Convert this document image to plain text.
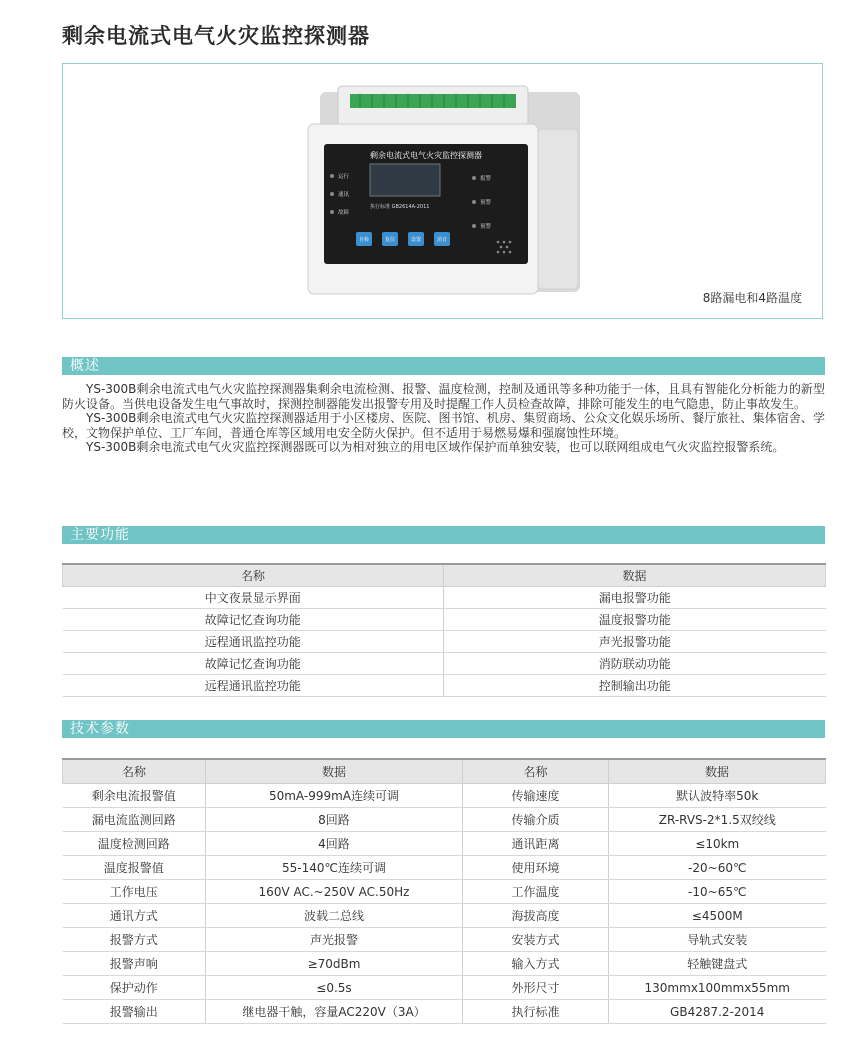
剩余电流式电气火灾监控探测器
剩余电流式电气火灾监控探测器
运行
通讯
故障
报警
预警
预警
执行标准 GB2614A-2011
自检	复位	设置	消音
8路漏电和4路温度
概述

YS-300B剩余电流式电气火灾监控探测器集剩余电流检测、报警、温度检测，控制及通讯等多种功能于一体，且具有智能化分析能力的新型防火设备。当供电设备发生电气事故时，探测控制器能发出报警专用及时提醒工作人员检查故障，排除可能发生的电气隐患，防止事故发生。

YS-300B剩余电流式电气火灾监控探测器适用于小区楼房、医院、图书馆、机房、集贸商场、公众文化娱乐场所、餐厅旅社、集体宿舍、学校，文物保护单位、工厂车间，普通仓库等区域用电安全防火保护。但不适用于易燃易爆和强腐蚀性环境。

YS-300B剩余电流式电气火灾监控探测器既可以为相对独立的用电区域作保护而单独安装，也可以联网组成电气火灾监控报警系统。

主要功能
名称	数据
中文夜景显示界面	漏电报警功能
故障记忆查询功能	温度报警功能
远程通讯监控功能	声光报警功能
故障记忆查询功能	消防联动功能
远程通讯监控功能	控制输出功能
技术参数
名称	数据	名称	数据
剩余电流报警值	50mA-999mA连续可调	传输速度	默认波特率50k
漏电流监测回路	8回路	传输介质	ZR-RVS-2*1.5双绞线
温度检测回路	4回路	通讯距离	≤10km
温度报警值	55-140℃连续可调	使用环境	-20~60℃
工作电压	160V AC.~250V AC.50Hz	工作温度	-10~65℃
通讯方式	波载二总线	海拔高度	≤4500M
报警方式	声光报警	安装方式	导轨式安装
报警声响	≥70dBm	输入方式	轻触键盘式
保护动作	≤0.5s	外形尺寸	130mmx100mmx55mm
报警输出	继电器干触，容量AC220V（3A）	执行标准	GB4287.2-2014
